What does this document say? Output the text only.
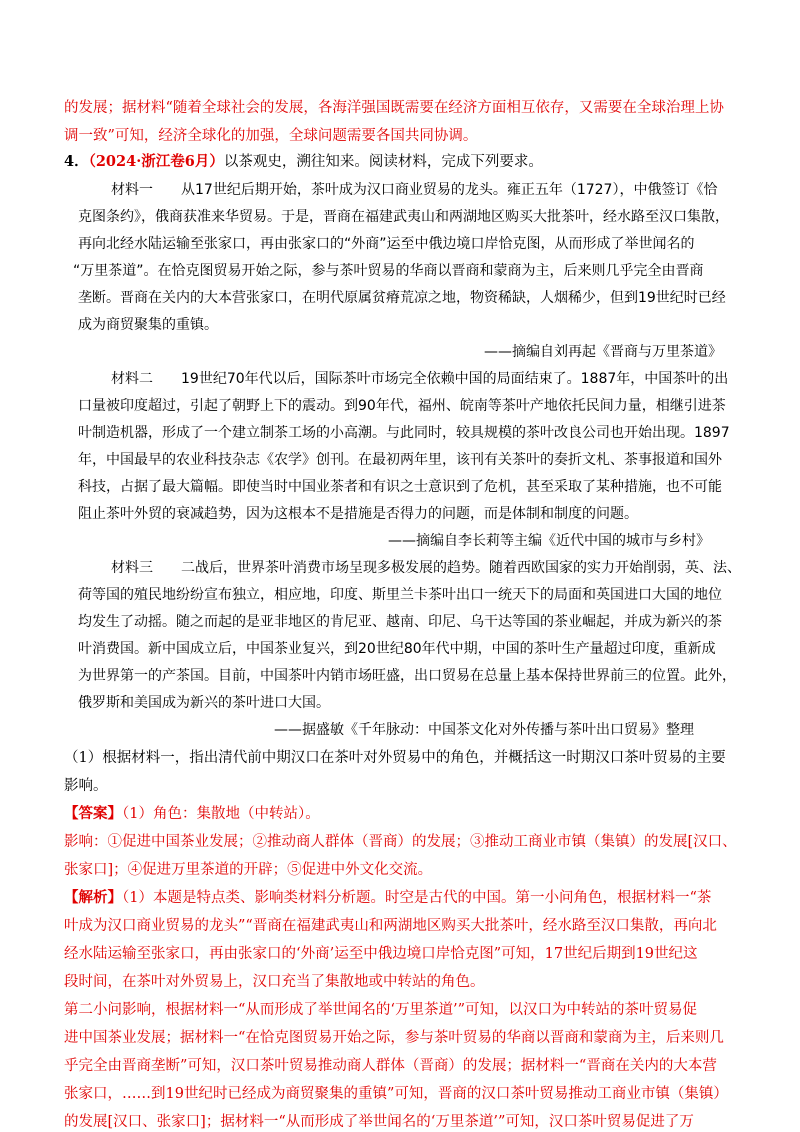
4．（2024·浙江卷6月）以茶观史，溯往知来。阅读材料，完成下列要求。

【答案】（1）角色：集散地（中转站）。

【解析】（1）本题是特点类、影响类材料分析题。时空是古代的中国。第一小问角色，根据材料一“茶

的发展；据材料“随着全球社会的发展，各海洋强国既需要在经济方面相互依存，又需要在全球治理上协

调一致”可知，经济全球化的加强，全球问题需要各国共同协调。

材料一　　从17世纪后期开始，茶叶成为汉口商业贸易的龙头。雍正五年（1727），中俄签订《恰

克图条约》，俄商获准来华贸易。于是，晋商在福建武夷山和两湖地区购买大批茶叶，经水路至汉口集散，

再向北经水陆运输至张家口，再由张家口的“外商”运至中俄边境口岸恰克图，从而形成了举世闻名的

“万里茶道”。在恰克图贸易开始之际，参与茶叶贸易的华商以晋商和蒙商为主，后来则几乎完全由晋商

垄断。晋商在关内的大本营张家口，在明代原属贫瘠荒凉之地，物资稀缺，人烟稀少，但到19世纪时已经

成为商贸聚集的重镇。

——摘编自刘再起《晋商与万里茶道》

材料二　　19世纪70年代以后，国际茶叶市场完全依赖中国的局面结束了。1887年，中国茶叶的出

口量被印度超过，引起了朝野上下的震动。到90年代，福州、皖南等茶叶产地依托民间力量，相继引进茶

叶制造机器，形成了一个建立制茶工场的小高潮。与此同时，较具规模的茶叶改良公司也开始出现。1897

年，中国最早的农业科技杂志《农学》创刊。在最初两年里，该刊有关茶叶的奏折文札、茶事报道和国外

科技，占据了最大篇幅。即使当时中国业茶者和有识之士意识到了危机，甚至采取了某种措施，也不可能

阻止茶叶外贸的衰减趋势，因为这根本不是措施是否得力的问题，而是体制和制度的问题。

——摘编自李长莉等主编《近代中国的城市与乡村》

材料三　　二战后，世界茶叶消费市场呈现多极发展的趋势。随着西欧国家的实力开始削弱，英、法、

荷等国的殖民地纷纷宣布独立，相应地，印度、斯里兰卡茶叶出口一统天下的局面和英国进口大国的地位

均发生了动摇。随之而起的是亚非地区的肯尼亚、越南、印尼、乌干达等国的茶业崛起，并成为新兴的茶

叶消费国。新中国成立后，中国茶业复兴，到20世纪80年代中期，中国的茶叶生产量超过印度，重新成

为世界第一的产茶国。目前，中国茶叶内销市场旺盛，出口贸易在总量上基本保持世界前三的位置。此外，

俄罗斯和美国成为新兴的茶叶进口大国。

——据盛敏《千年脉动：中国茶文化对外传播与茶叶出口贸易》整理

（1）根据材料一，指出清代前中期汉口在茶叶对外贸易中的角色，并概括这一时期汉口茶叶贸易的主要

影响。

影响：①促进中国茶业发展；②推动商人群体（晋商）的发展；③推动工商业市镇（集镇）的发展[汉口、

张家口]；④促进万里茶道的开辟；⑤促进中外文化交流。

叶成为汉口商业贸易的龙头”“晋商在福建武夷山和两湖地区购买大批茶叶，经水路至汉口集散，再向北

经水陆运输至张家口，再由张家口的‘外商’运至中俄边境口岸恰克图”可知，17世纪后期到19世纪这

段时间，在茶叶对外贸易上，汉口充当了集散地或中转站的角色。

第二小问影响，根据材料一“从而形成了举世闻名的‘万里茶道’”可知，以汉口为中转站的茶叶贸易促

进中国茶业发展；据材料一“在恰克图贸易开始之际，参与茶叶贸易的华商以晋商和蒙商为主，后来则几

乎完全由晋商垄断”可知，汉口茶叶贸易推动商人群体（晋商）的发展；据材料一“晋商在关内的大本营

张家口，……到19世纪时已经成为商贸聚集的重镇”可知，晋商的汉口茶叶贸易推动工商业市镇（集镇）

的发展[汉口、张家口]；据材料一“从而形成了举世闻名的‘万里茶道’”可知，汉口茶叶贸易促进了万
